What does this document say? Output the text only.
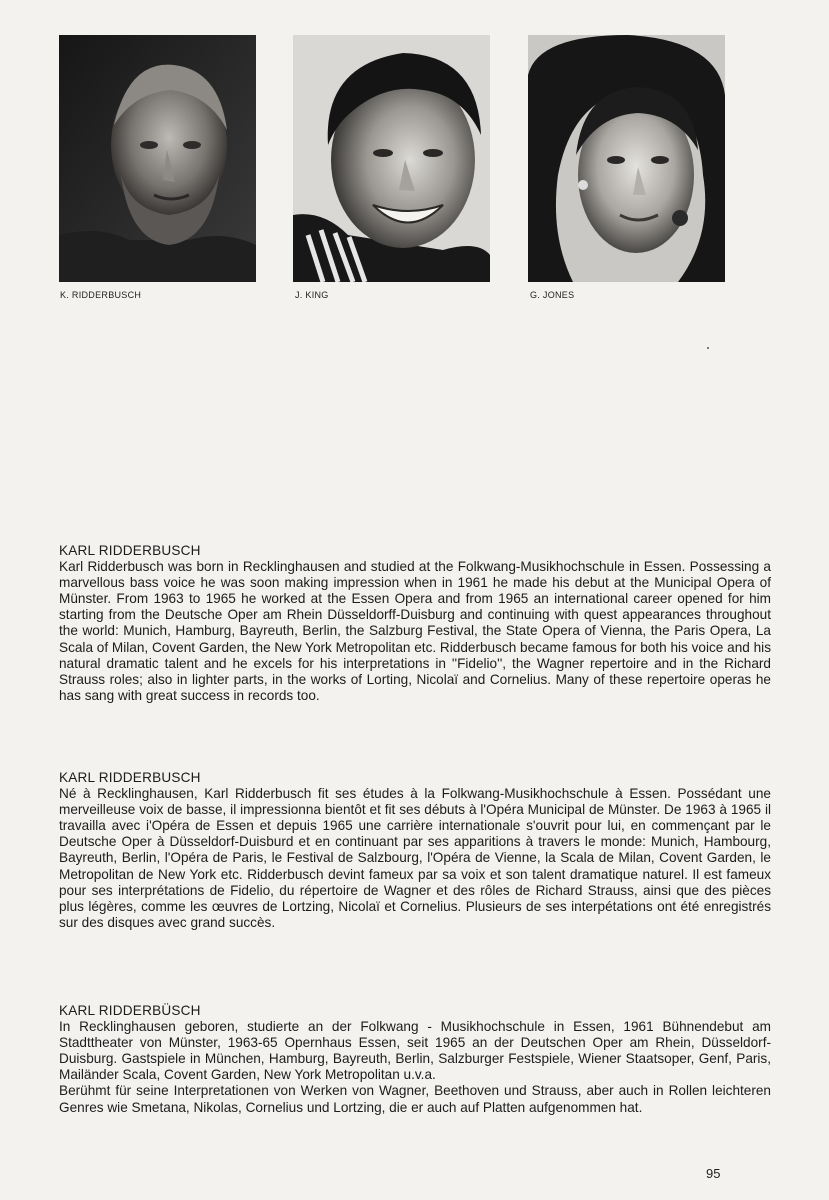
K. RIDDERBUSCH	J. KING	G. JONES
KARL RIDDERBUSCH
Karl Ridderbusch was born in Recklinghausen and studied at the Folkwang-Musikhochschule in Essen. Possessing a marvellous bass voice he was soon making impression when in 1961 he made his debut at the Municipal Opera of Münster. From 1963 to 1965 he worked at the Essen Opera and from 1965 an international career opened for him starting from the Deutsche Oper am Rhein Düsseldorff-Duisburg and continuing with quest appearances throughout the world: Munich, Hamburg, Bayreuth, Berlin, the Salzburg Festival, the State Opera of Vienna, the Paris Opera, La Scala of Milan, Covent Garden, the New York Metropolitan etc. Ridderbusch became famous for both his voice and his natural dramatic talent and he excels for his interpretations in ''Fidelio'', the Wagner repertoire and in the Richard Strauss roles; also in lighter parts, in the works of Lorting, Nicolaï and Cornelius. Many of these repertoire operas he has sang with great success in records too.
KARL RIDDERBUSCH
Né à Recklinghausen, Karl Ridderbusch fit ses études à la Folkwang-Musikhochschule à Essen. Possédant une merveilleuse voix de basse, il impressionna bientôt et fit ses débuts à l'Opéra Municipal de Münster. De 1963 à 1965 il travailla avec i'Opéra de Essen et depuis 1965 une carrière internationale s'ouvrit pour lui, en commençant par le Deutsche Oper à Düsseldorf-Duisburd et en continuant par ses apparitions à travers le monde: Munich, Hambourg, Bayreuth, Berlin, l'Opéra de Paris, le Festival de Salzbourg, l'Opéra de Vienne, la Scala de Milan, Covent Garden, le Metropolitan de New York etc. Ridderbusch devint fameux par sa voix et son talent dramatique naturel. Il est fameux pour ses interprétations de Fidelio, du répertoire de Wagner et des rôles de Richard Strauss, ainsi que des pièces plus légères, comme les œuvres de Lortzing, Nicolaï et Cornelius. Plusieurs de ses interpétations ont été enregistrés sur des disques avec grand succès.
KARL RIDDERBÜSCH
In Recklinghausen geboren, studierte an der Folkwang - Musikhochschule in Essen, 1961 Bühnendebut am Stadttheater von Münster, 1963-65 Opernhaus Essen, seit 1965 an der Deutschen Oper am Rhein, Düsseldorf-Duisburg. Gastspiele in München, Hamburg, Bayreuth, Berlin, Salzburger Festspiele, Wiener Staatsoper, Genf, Paris, Mailänder Scala, Covent Garden, New York Metropolitan u.v.a.
Berühmt für seine Interpretationen von Werken von Wagner, Beethoven und Strauss, aber auch in Rollen leichteren Genres wie Smetana, Nikolas, Cornelius und Lortzing, die er auch auf Platten aufgenommen hat.
95
